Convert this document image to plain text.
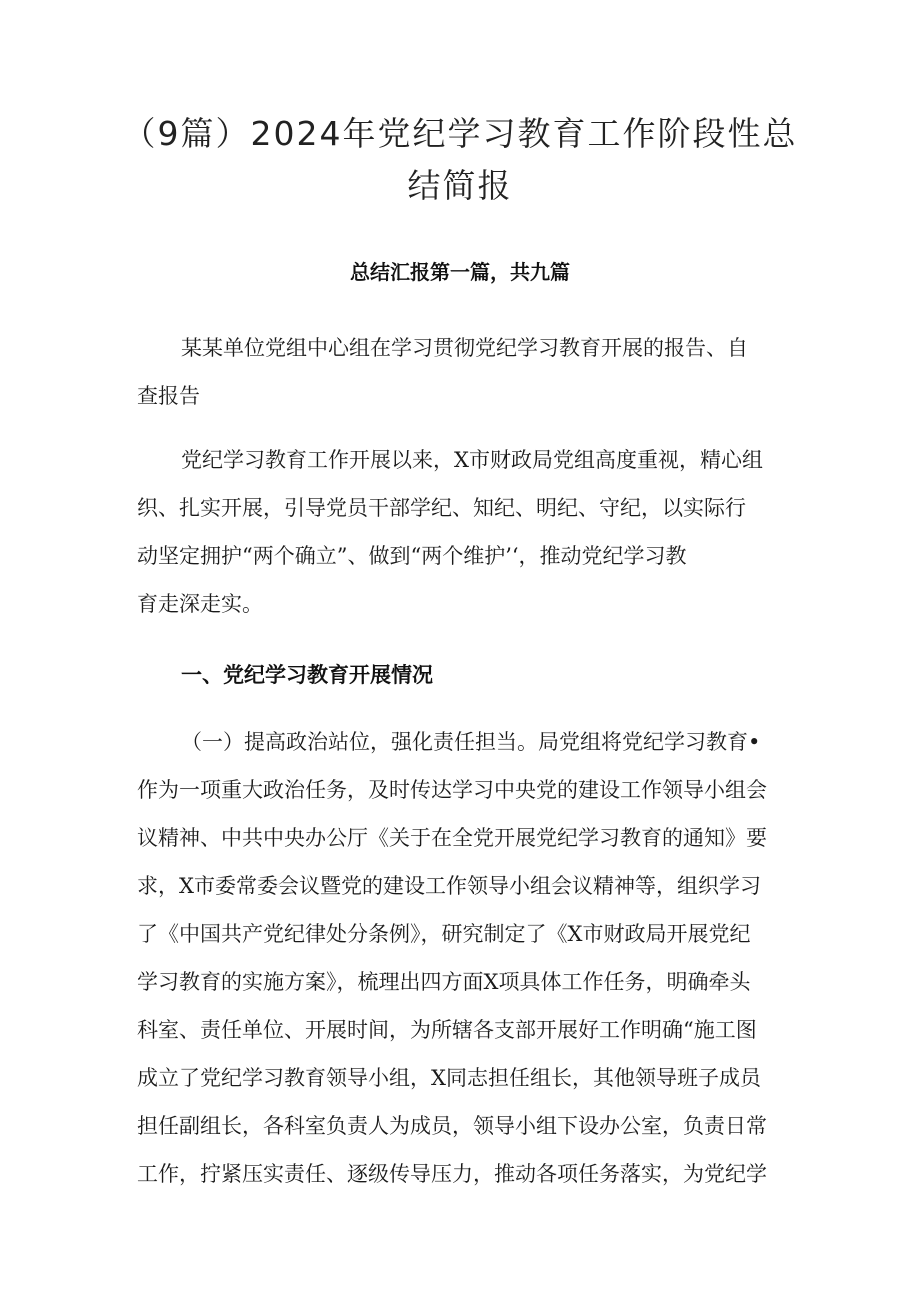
（9篇）2024年党纪学习教育工作阶段性总
结简报

总结汇报第一篇，共九篇

某某单位党组中心组在学习贯彻党纪学习教育开展的报告、自
查报告

党纪学习教育工作开展以来，X市财政局党组高度重视，精心组
织、扎实开展，引导党员干部学纪、知纪、明纪、守纪，以实际行
动坚定拥护“两个确立”、做到“两个维护’‘，推动党纪学习教
育走深走实。

一、党纪学习教育开展情况

（一）提高政治站位，强化责任担当。局党组将党纪学习教育•
作为一项重大政治任务，及时传达学习中央党的建设工作领导小组会
议精神、中共中央办公厅《关于在全党开展党纪学习教育的通知》要
求，X市委常委会议暨党的建设工作领导小组会议精神等，组织学习
了《中国共产党纪律处分条例》，研究制定了《X市财政局开展党纪
学习教育的实施方案》，梳理出四方面X项具体工作任务，明确牵头
科室、责任单位、开展时间，为所辖各支部开展好工作明确“施工图
成立了党纪学习教育领导小组，X同志担任组长，其他领导班子成员
担任副组长，各科室负责人为成员，领导小组下设办公室，负责日常
工作，拧紧压实责任、逐级传导压力，推动各项任务落实，为党纪学
